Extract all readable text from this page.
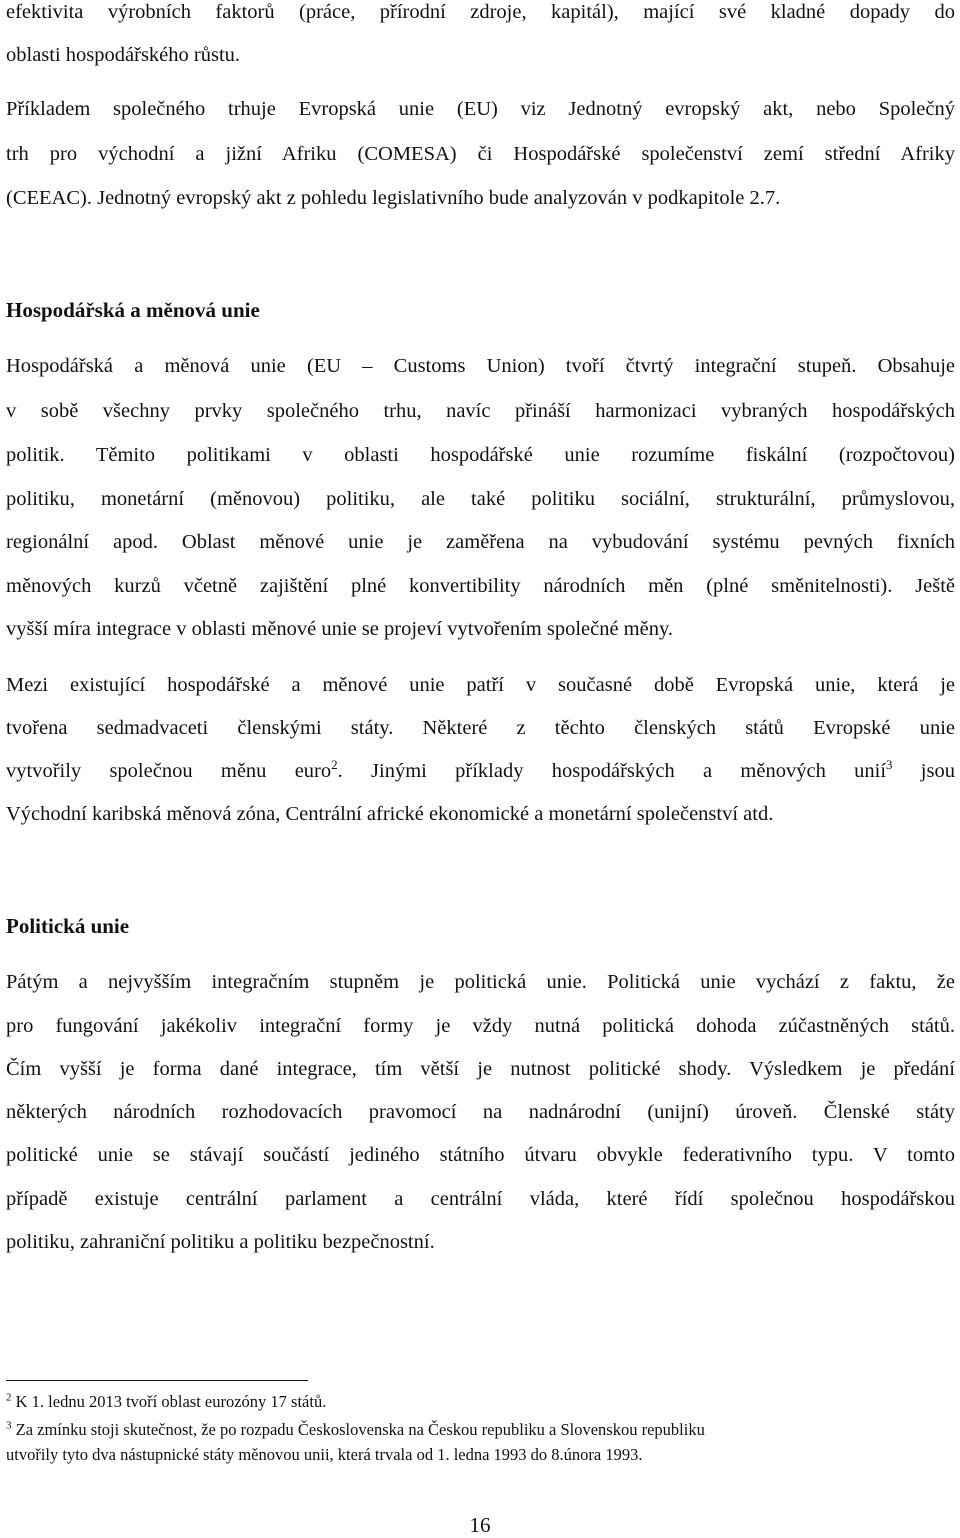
efektivita výrobních faktorů (práce, přírodní zdroje, kapitál), mající své kladné dopady do
oblasti hospodářského růstu.
Příkladem společného trhuje Evropská unie (EU) viz Jednotný evropský akt, nebo Společný
trh pro východní a jižní Afriku (COMESA) či Hospodářské společenství zemí střední Afriky
(CEEAC). Jednotný evropský akt z pohledu legislativního bude analyzován v podkapitole 2.7.
Hospodářská a měnová unie
Hospodářská a měnová unie (EU – Customs Union) tvoří čtvrtý integrační stupeň. Obsahuje
v sobě všechny prvky společného trhu, navíc přináší harmonizaci vybraných hospodářských
politik. Těmito politikami v oblasti hospodářské unie rozumíme fiskální (rozpočtovou)
politiku, monetární (měnovou) politiku, ale také politiku sociální, strukturální, průmyslovou,
regionální apod. Oblast měnové unie je zaměřena na vybudování systému pevných fixních
měnových kurzů včetně zajištění plné konvertibility národních měn (plné směnitelnosti). Ještě
vyšší míra integrace v oblasti měnové unie se projeví vytvořením společné měny.
Mezi existující hospodářské a měnové unie patří v současné době Evropská unie, která je
tvořena sedmadvaceti členskými státy. Některé z těchto členských států Evropské unie
vytvořily společnou měnu euro$^2$. Jinými příklady hospodářských a měnových unií$^3$ jsou
Východní karibská měnová zóna, Centrální africké ekonomické a monetární společenství atd.
Politická unie
Pátým a nejvyšším integračním stupněm je politická unie. Politická unie vychází z faktu, že
pro fungování jakékoliv integrační formy je vždy nutná politická dohoda zúčastněných států.
Čím vyšší je forma dané integrace, tím větší je nutnost politické shody. Výsledkem je předání
některých národních rozhodovacích pravomocí na nadnárodní (unijní) úroveň. Členské státy
politické unie se stávají součástí jediného státního útvaru obvykle federativního typu. V tomto
případě existuje centrální parlament a centrální vláda, které řídí společnou hospodářskou
politiku, zahraniční politiku a politiku bezpečnostní.
$^2$ K 1. lednu 2013 tvoří oblast eurozóny 17 států.
$^3$ Za zmínku stoji skutečnost, že po rozpadu Československa na Českou republiku a Slovenskou republiku
utvořily tyto dva nástupnické státy měnovou unii, která trvala od 1. ledna 1993 do 8.února 1993.
16
